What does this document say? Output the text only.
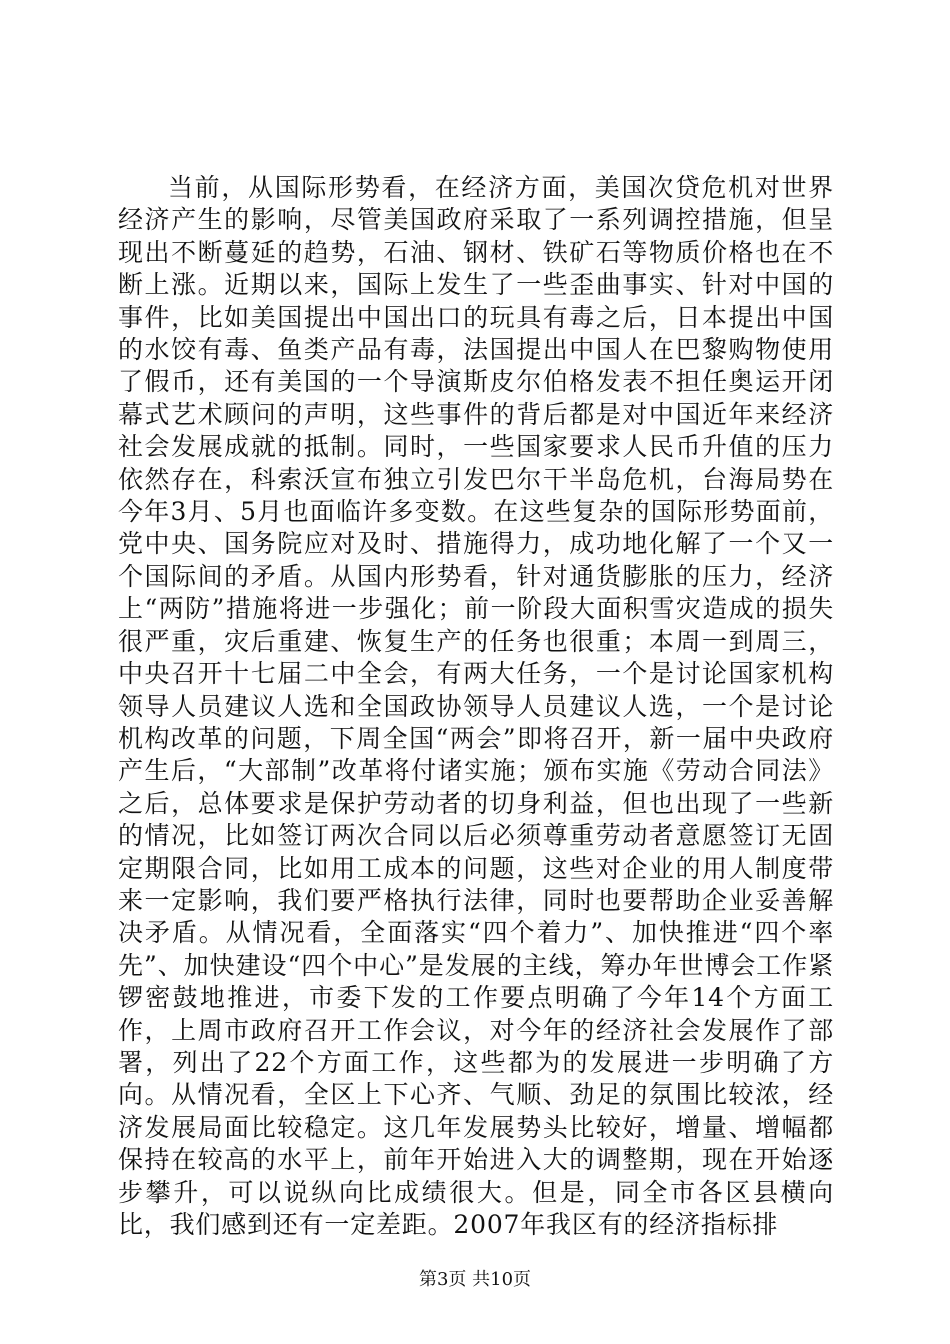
当前，从国际形势看，在经济方面，美国次贷危机对世界经济产生的影响，尽管美国政府采取了一系列调控措施，但呈现出不断蔓延的趋势，石油、钢材、铁矿石等物质价格也在不断上涨。近期以来，国际上发生了一些歪曲事实、针对中国的事件，比如美国提出中国出口的玩具有毒之后，日本提出中国的水饺有毒、鱼类产品有毒，法国提出中国人在巴黎购物使用了假币，还有美国的一个导演斯皮尔伯格发表不担任奥运开闭幕式艺术顾问的声明，这些事件的背后都是对中国近年来经济社会发展成就的抵制。同时，一些国家要求人民币升值的压力依然存在，科索沃宣布独立引发巴尔干半岛危机，台海局势在今年3月、5月也面临许多变数。在这些复杂的国际形势面前，党中央、国务院应对及时、措施得力，成功地化解了一个又一个国际间的矛盾。从国内形势看，针对通货膨胀的压力，经济上“两防”措施将进一步强化；前一阶段大面积雪灾造成的损失很严重，灾后重建、恢复生产的任务也很重；本周一到周三，中央召开十七届二中全会，有两大任务，一个是讨论国家机构领导人员建议人选和全国政协领导人员建议人选，一个是讨论机构改革的问题，下周全国“两会”即将召开，新一届中央政府产生后，“大部制”改革将付诸实施；颁布实施《劳动合同法》之后，总体要求是保护劳动者的切身利益，但也出现了一些新的情况，比如签订两次合同以后必须尊重劳动者意愿签订无固定期限合同，比如用工成本的问题，这些对企业的用人制度带来一定影响，我们要严格执行法律，同时也要帮助企业妥善解决矛盾。从情况看，全面落实“四个着力”、加快推进“四个率先”、加快建设“四个中心”是发展的主线，筹办年世博会工作紧锣密鼓地推进，市委下发的工作要点明确了今年14个方面工作，上周市政府召开工作会议，对今年的经济社会发展作了部署，列出了22个方面工作，这些都为的发展进一步明确了方向。从情况看，全区上下心齐、气顺、劲足的氛围比较浓，经济发展局面比较稳定。这几年发展势头比较好，增量、增幅都保持在较高的水平上，前年开始进入大的调整期，现在开始逐步攀升，可以说纵向比成绩很大。但是，同全市各区县横向比，我们感到还有一定差距。2007年我区有的经济指标排

第3页 共10页
